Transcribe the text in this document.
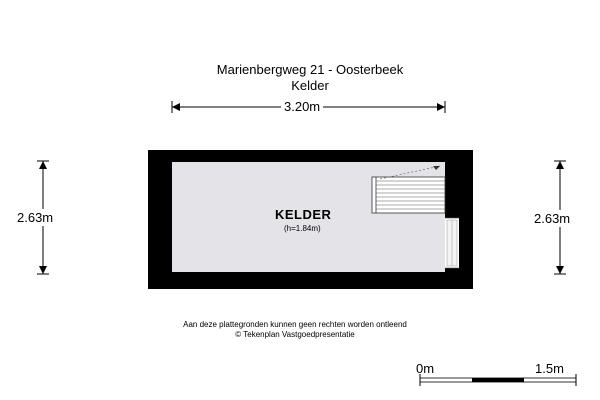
Marienbergweg 21 - Oosterbeek
Kelder
3.20m
2.63m	2.63m
KELDER
(h=1.84m)
Aan deze plattegronden kunnen geen rechten worden ontleend
© Tekenplan Vastgoedpresentatie
0m	1.5m
